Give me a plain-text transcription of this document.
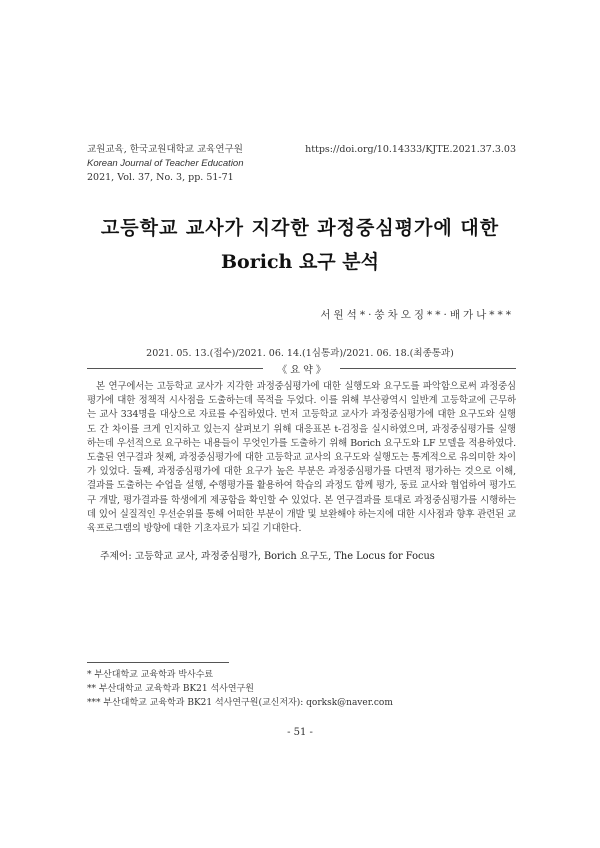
교원교육, 한국교원대학교 교육연구원
Korean Journal of Teacher Education
2021, Vol. 37, No. 3, pp. 51-71
https://doi.org/10.14333/KJTE.2021.37.3.03
고등학교 교사가 지각한 과정중심평가에 대한
Borich 요구 분석
서원석*·쑹차오징**·배가나***
2021. 05. 13.(접수)/2021. 06. 14.(1심통과)/2021. 06. 18.(최종통과)
《 요 약 》

본 연구에서는 고등학교 교사가 지각한 과정중심평가에 대한 실행도와 요구도를 파악함으로써 과정중심평가에 대한 정책적 시사점을 도출하는데 목적을 두었다. 이를 위해 부산광역시 일반계 고등학교에 근무하는 교사 334명을 대상으로 자료를 수집하였다. 먼저 고등학교 교사가 과정중심평가에 대한 요구도와 실행도 간 차이를 크게 인지하고 있는지 살펴보기 위해 대응표본 t-검정을 실시하였으며, 과정중심평가를 실행하는데 우선적으로 요구하는 내용들이 무엇인가를 도출하기 위해 Borich 요구도와 LF 모델을 적용하였다. 도출된 연구결과 첫째, 과정중심평가에 대한 고등학교 교사의 요구도와 실행도는 통계적으로 유의미한 차이가 있었다. 둘째, 과정중심평가에 대한 요구가 높은 부분은 과정중심평가를 다면적 평가하는 것으로 이해, 결과를 도출하는 수업을 설행, 수행평가를 활용하여 학습의 과정도 함께 평가, 동료 교사와 협업하여 평가도구 개발, 평가결과를 학생에게 제공함을 확인할 수 있었다. 본 연구결과를 토대로 과정중심평가를 시행하는데 있어 실질적인 우선순위를 통해 어떠한 부분이 개발 및 보완해야 하는지에 대한 시사점과 향후 관련된 교육프로그램의 방향에 대한 기초자료가 되길 기대한다.

주제어: 고등학교 교사, 과정중심평가, Borich 요구도, The Locus for Focus
* 부산대학교 교육학과 박사수료
** 부산대학교 교육학과 BK21 석사연구원
*** 부산대학교 교육학과 BK21 석사연구원(교신저자): qorksk@naver.com
- 51 -
